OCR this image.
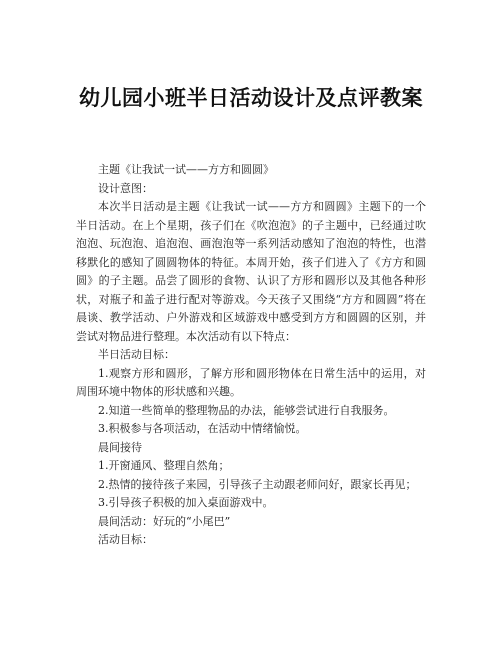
幼儿园小班半日活动设计及点评教案

主题《让我试一试——方方和圆圆》

设计意图：

本次半日活动是主题《让我试一试——方方和圆圆》主题下的一个半日活动。在上个星期，孩子们在《吹泡泡》的子主题中，已经通过吹泡泡、玩泡泡、追泡泡、画泡泡等一系列活动感知了泡泡的特性，也潜移默化的感知了圆圆物体的特征。本周开始，孩子们进入了《方方和圆圆》的子主题。品尝了圆形的食物、认识了方形和圆形以及其他各种形状，对瓶子和盖子进行配对等游戏。今天孩子又围绕“方方和圆圆”将在晨谈、教学活动、户外游戏和区域游戏中感受到方方和圆圆的区别，并尝试对物品进行整理。本次活动有以下特点：

半日活动目标：

1.观察方形和圆形，了解方形和圆形物体在日常生活中的运用，对周围环境中物体的形状感和兴趣。

2.知道一些简单的整理物品的办法，能够尝试进行自我服务。

3.积极参与各项活动，在活动中情绪愉悦。

晨间接待

1.开窗通风、整理自然角；

2.热情的接待孩子来园，引导孩子主动跟老师问好，跟家长再见；

3.引导孩子积极的加入桌面游戏中。

晨间活动：好玩的“小尾巴”

活动目标：
